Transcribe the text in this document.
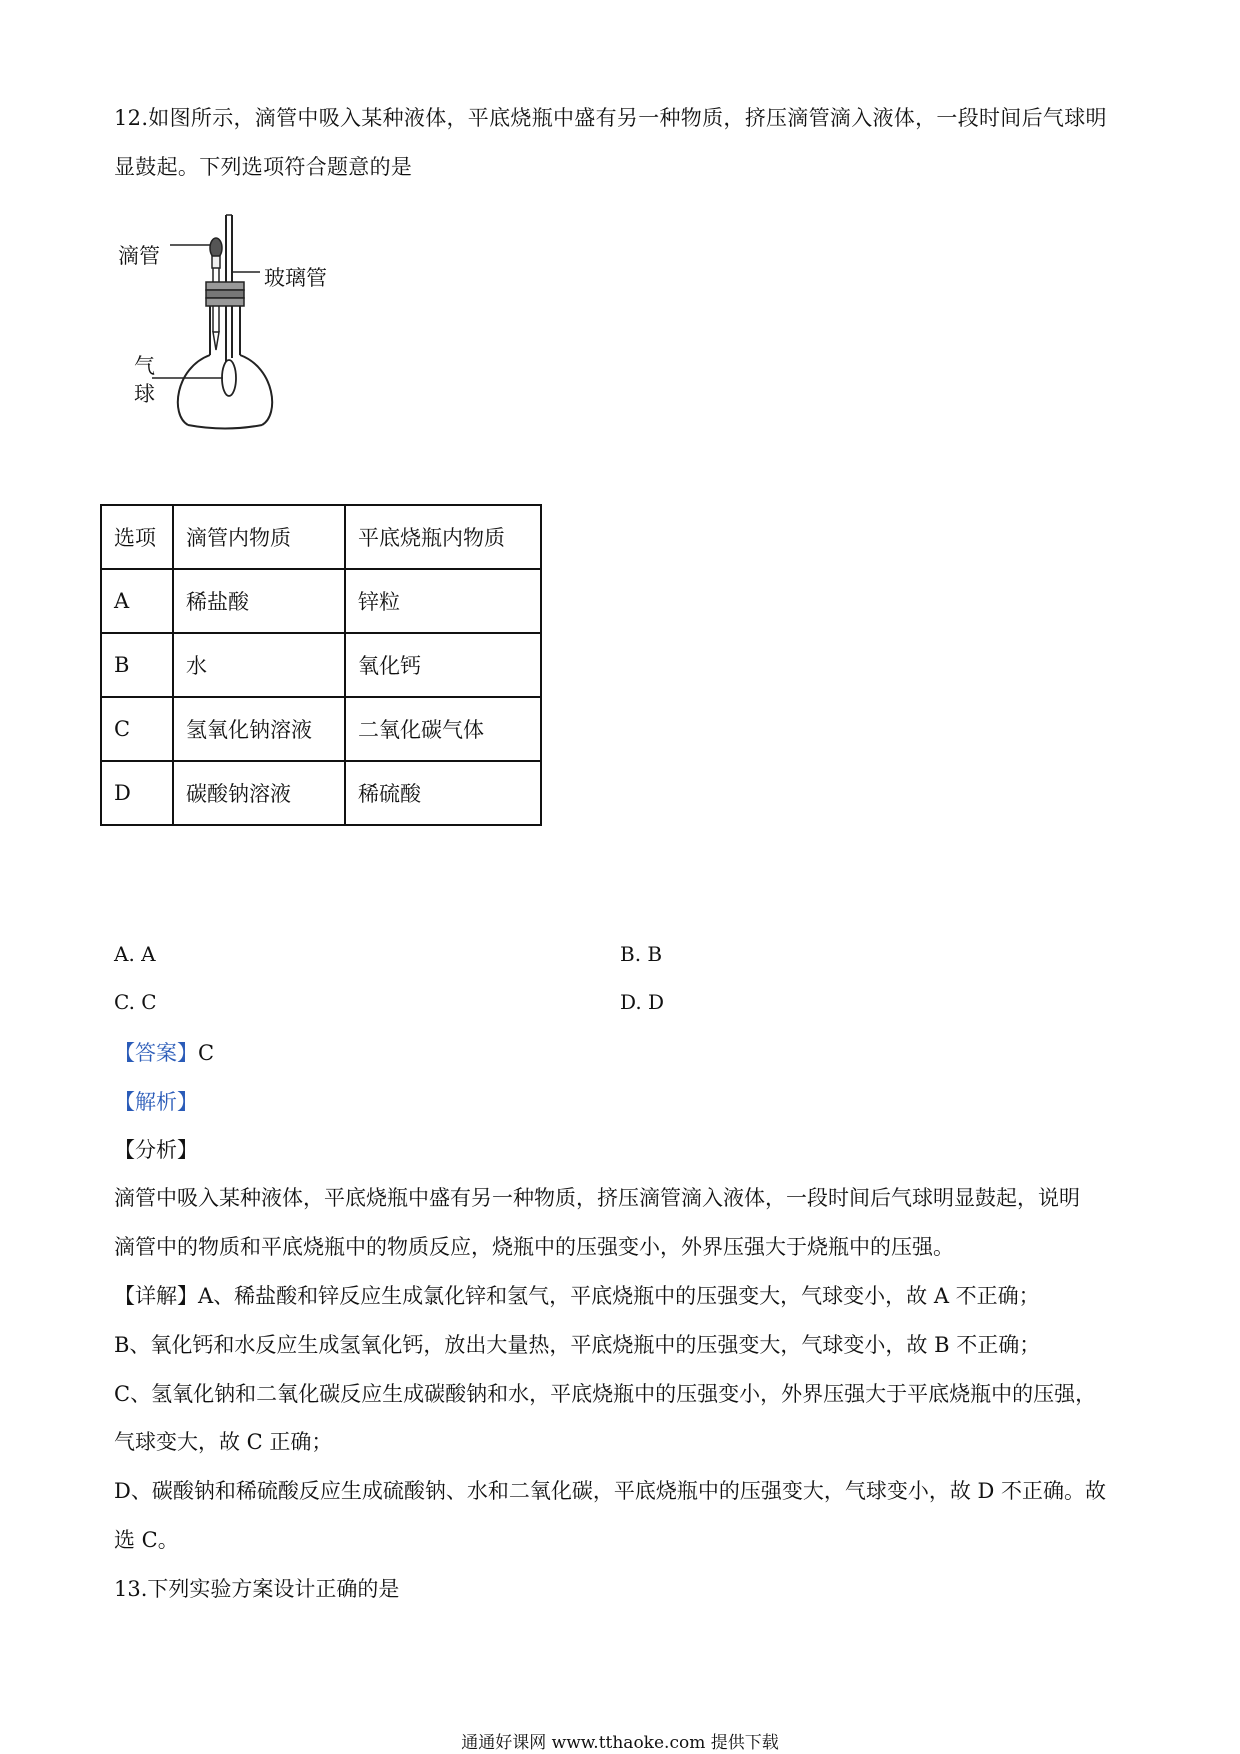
12.如图所示，滴管中吸入某种液体，平底烧瓶中盛有另一种物质，挤压滴管滴入液体，一段时间后气球明
显鼓起。下列选项符合题意的是
滴管
玻璃管
气
球
选项	滴管内物质	平底烧瓶内物质
A	稀盐酸	锌粒
B	水	氧化钙
C	氢氧化钠溶液	二氧化碳气体
D	碳酸钠溶液	稀硫酸
A. A	B. B
C. C	D. D
【答案】C
【解析】
【分析】
滴管中吸入某种液体，平底烧瓶中盛有另一种物质，挤压滴管滴入液体，一段时间后气球明显鼓起，说明
滴管中的物质和平底烧瓶中的物质反应，烧瓶中的压强变小，外界压强大于烧瓶中的压强。
【详解】A、稀盐酸和锌反应生成氯化锌和氢气，平底烧瓶中的压强变大，气球变小，故 A 不正确；
B、氧化钙和水反应生成氢氧化钙，放出大量热，平底烧瓶中的压强变大，气球变小，故 B 不正确；
C、氢氧化钠和二氧化碳反应生成碳酸钠和水，平底烧瓶中的压强变小，外界压强大于平底烧瓶中的压强，
气球变大，故 C 正确；
D、碳酸钠和稀硫酸反应生成硫酸钠、水和二氧化碳，平底烧瓶中的压强变大，气球变小，故 D 不正确。故
选 C。
13.下列实验方案设计正确的是
通通好课网 www.tthaoke.com 提供下载
